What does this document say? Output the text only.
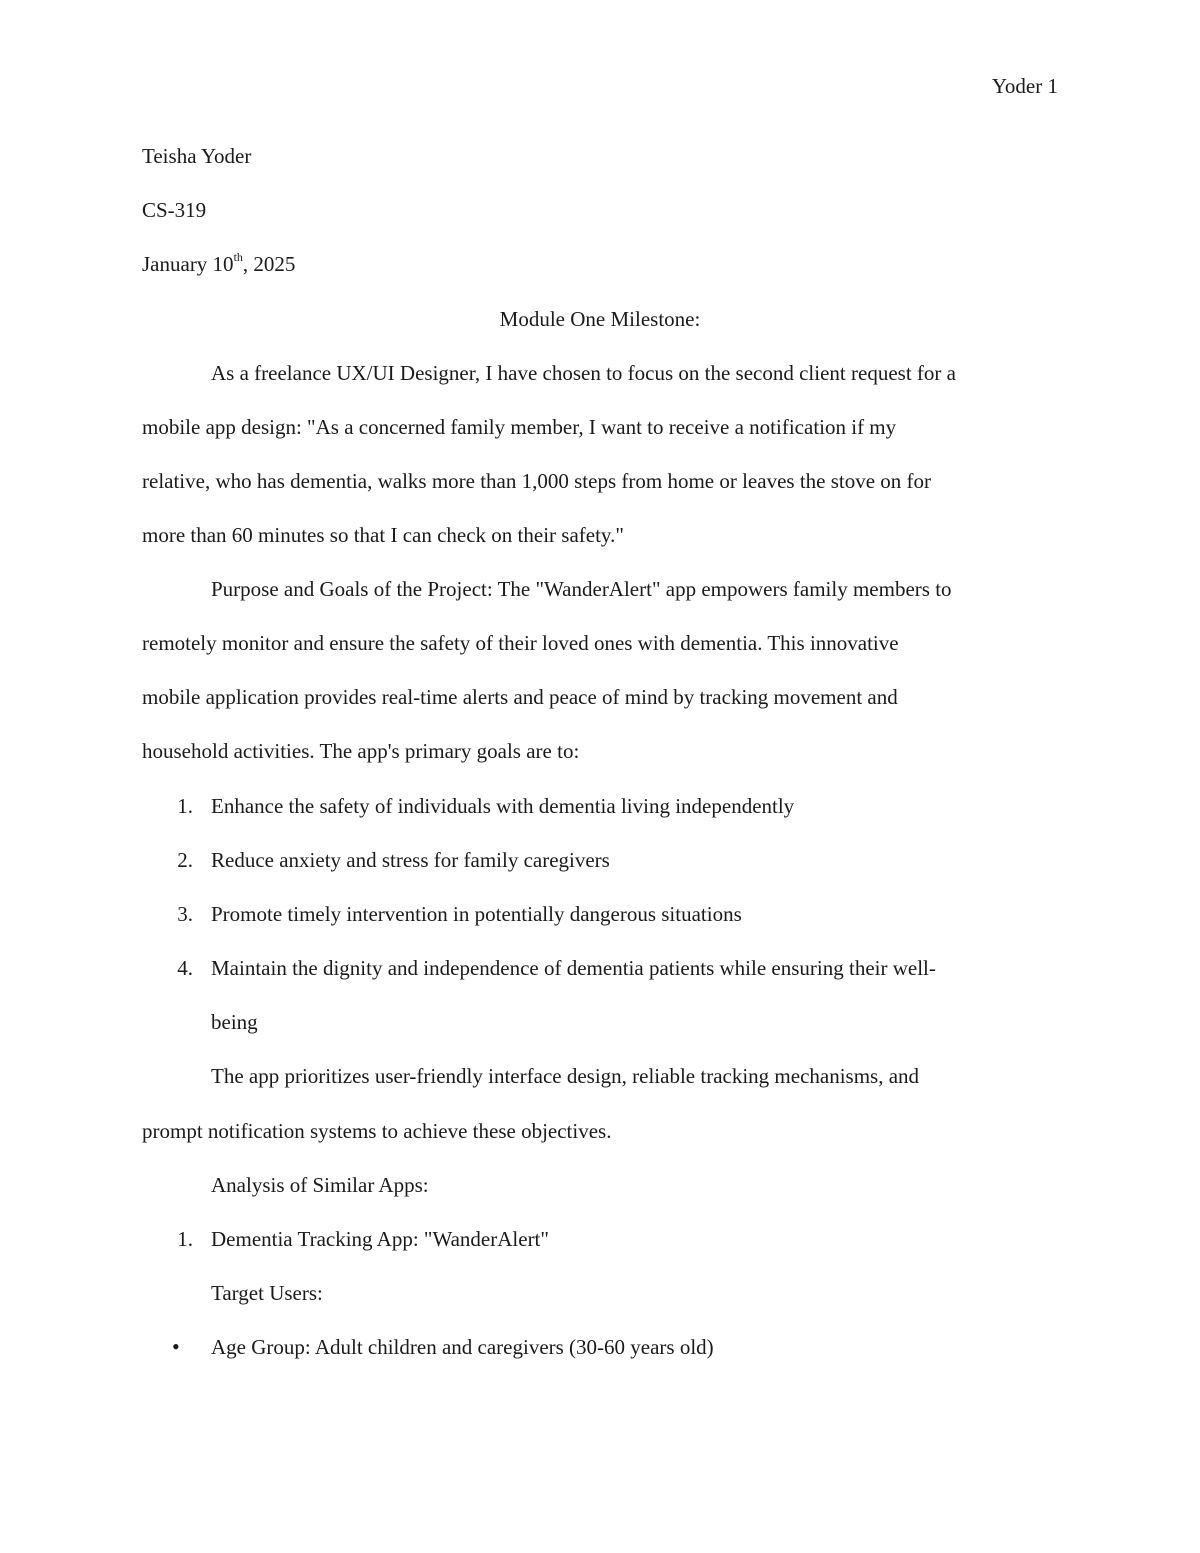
Yoder 1
Teisha Yoder
CS-319
January 10th, 2025
Module One Milestone:
As a freelance UX/UI Designer, I have chosen to focus on the second client request for a
mobile app design: "As a concerned family member, I want to receive a notification if my
relative, who has dementia, walks more than 1,000 steps from home or leaves the stove on for
more than 60 minutes so that I can check on their safety."
Purpose and Goals of the Project: The "WanderAlert" app empowers family members to
remotely monitor and ensure the safety of their loved ones with dementia. This innovative
mobile application provides real-time alerts and peace of mind by tracking movement and
household activities. The app's primary goals are to:
1. Enhance the safety of individuals with dementia living independently
2. Reduce anxiety and stress for family caregivers
3. Promote timely intervention in potentially dangerous situations
4. Maintain the dignity and independence of dementia patients while ensuring their well-
being
The app prioritizes user-friendly interface design, reliable tracking mechanisms, and
prompt notification systems to achieve these objectives.
Analysis of Similar Apps:
1. Dementia Tracking App: "WanderAlert"
Target Users:
•	Age Group: Adult children and caregivers (30-60 years old)
